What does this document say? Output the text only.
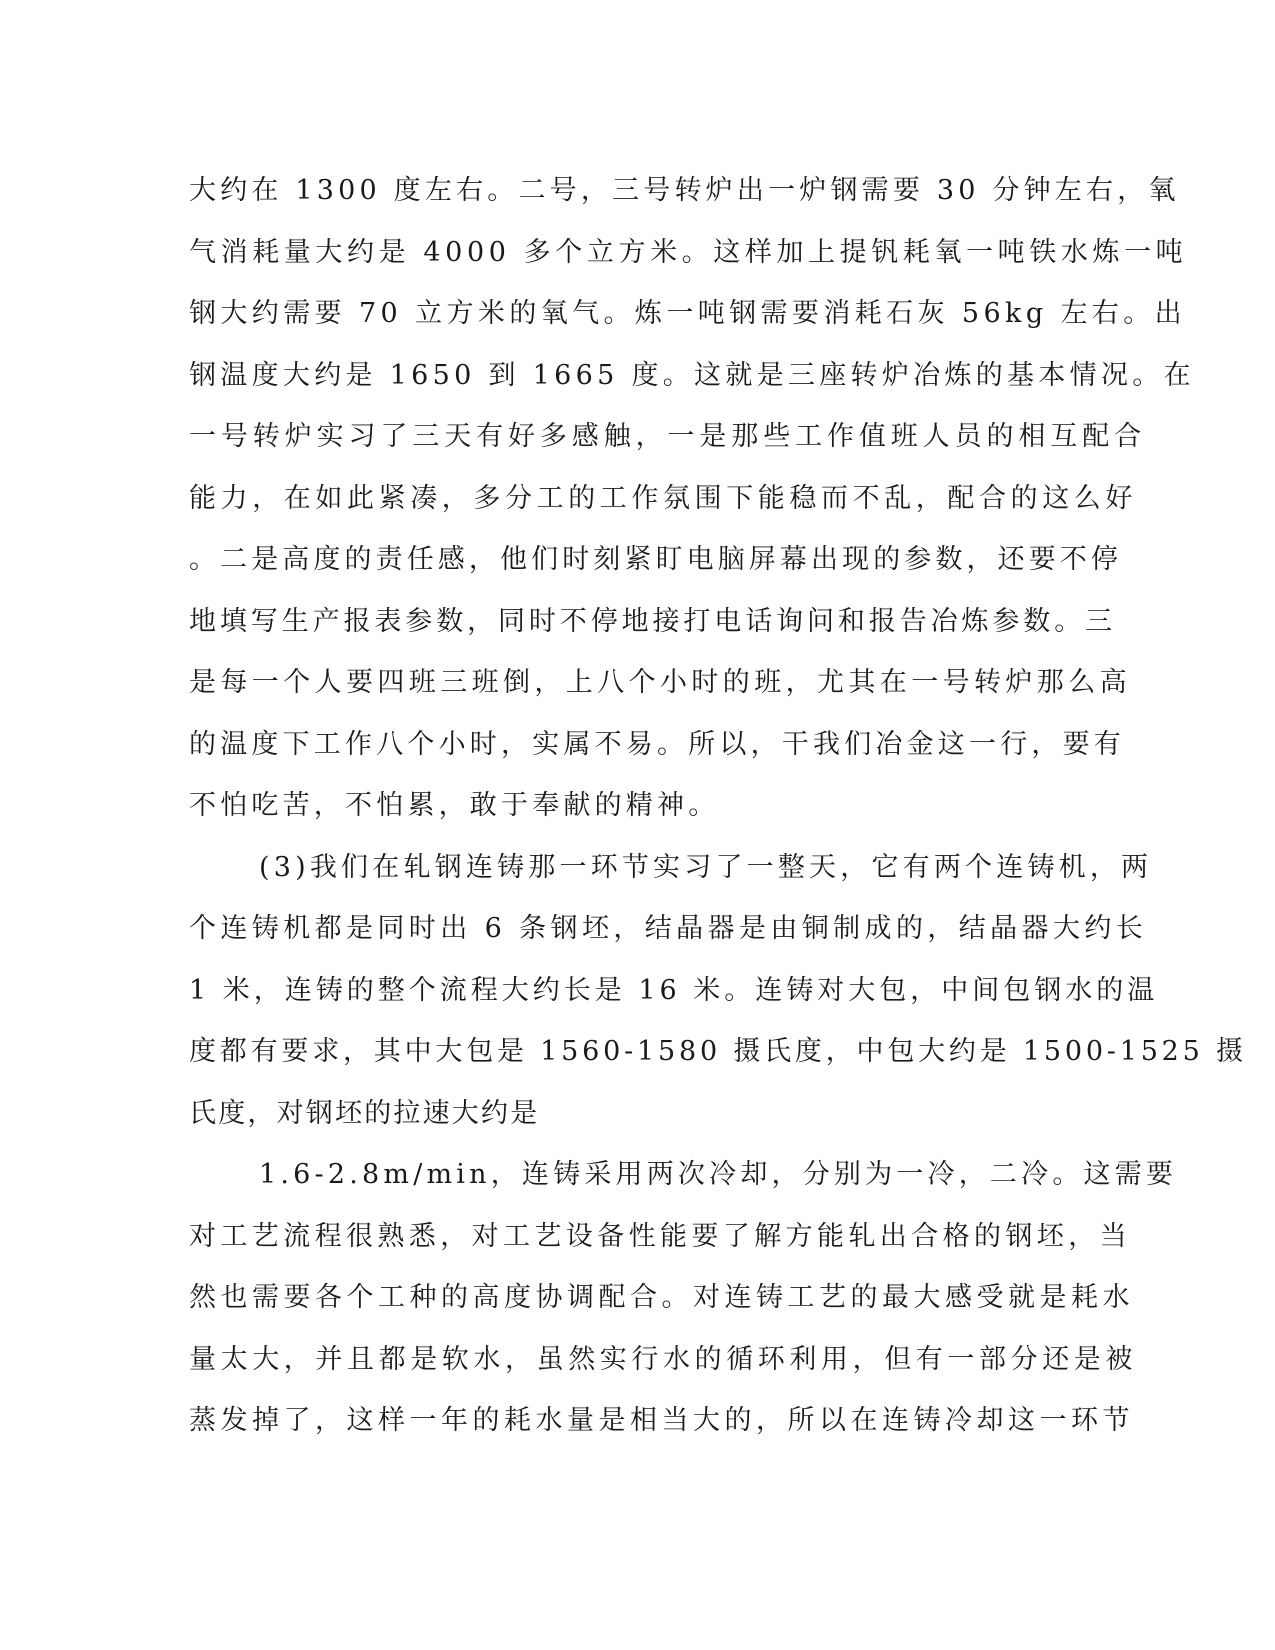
大约在 1300 度左右。二号，三号转炉出一炉钢需要 30 分钟左右，氧
气消耗量大约是 4000 多个立方米。这样加上提钒耗氧一吨铁水炼一吨
钢大约需要 70 立方米的氧气。炼一吨钢需要消耗石灰 56kg 左右。出
钢温度大约是 1650 到 1665 度。这就是三座转炉冶炼的基本情况。在
一号转炉实习了三天有好多感触，一是那些工作值班人员的相互配合
能力，在如此紧凑，多分工的工作氛围下能稳而不乱，配合的这么好
。二是高度的责任感，他们时刻紧盯电脑屏幕出现的参数，还要不停
地填写生产报表参数，同时不停地接打电话询问和报告冶炼参数。三
是每一个人要四班三班倒，上八个小时的班，尤其在一号转炉那么高
的温度下工作八个小时，实属不易。所以，干我们冶金这一行，要有
不怕吃苦，不怕累，敢于奉献的精神。
(3)我们在轧钢连铸那一环节实习了一整天，它有两个连铸机，两
个连铸机都是同时出 6 条钢坯，结晶器是由铜制成的，结晶器大约长
1 米，连铸的整个流程大约长是 16 米。连铸对大包，中间包钢水的温
度都有要求，其中大包是 1560-1580 摄氏度，中包大约是 1500-1525 摄
氏度，对钢坯的拉速大约是
1.6-2.8m/min，连铸采用两次冷却，分别为一冷，二冷。这需要
对工艺流程很熟悉，对工艺设备性能要了解方能轧出合格的钢坯，当
然也需要各个工种的高度协调配合。对连铸工艺的最大感受就是耗水
量太大，并且都是软水，虽然实行水的循环利用，但有一部分还是被
蒸发掉了，这样一年的耗水量是相当大的，所以在连铸冷却这一环节
